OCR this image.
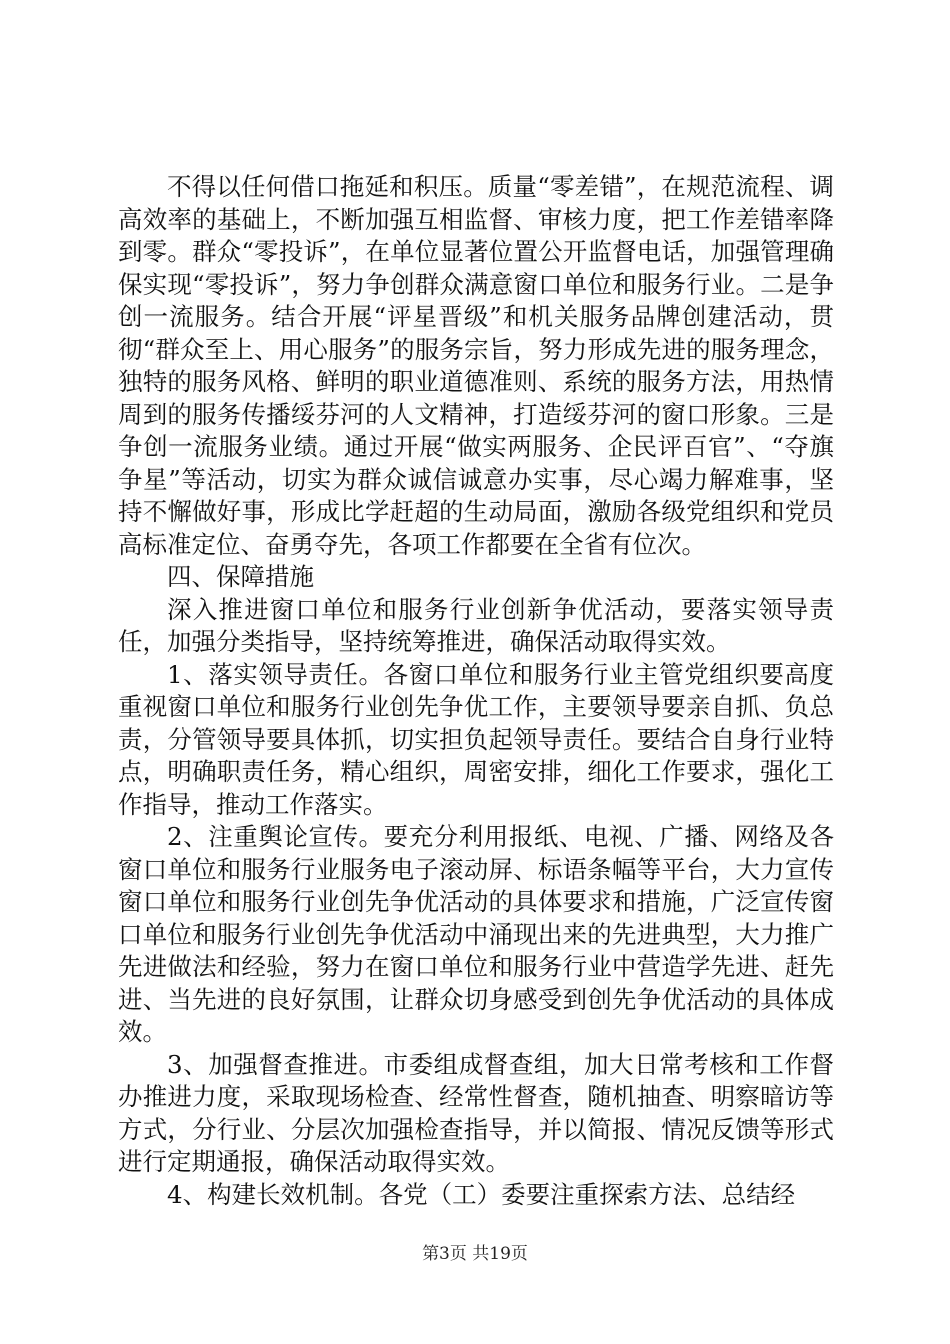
不得以任何借口拖延和积压。质量“零差错”，在规范流程、调高效率的基础上，不断加强互相监督、审核力度，把工作差错率降到零。群众“零投诉”，在单位显著位置公开监督电话，加强管理确保实现“零投诉”，努力争创群众满意窗口单位和服务行业。二是争创一流服务。结合开展“评星晋级”和机关服务品牌创建活动，贯彻“群众至上、用心服务”的服务宗旨，努力形成先进的服务理念，独特的服务风格、鲜明的职业道德准则、系统的服务方法，用热情周到的服务传播绥芬河的人文精神，打造绥芬河的窗口形象。三是争创一流服务业绩。通过开展“做实两服务、企民评百官”、“夺旗争星”等活动，切实为群众诚信诚意办实事，尽心竭力解难事，坚持不懈做好事，形成比学赶超的生动局面，激励各级党组织和党员高标准定位、奋勇夺先，各项工作都要在全省有位次。

四、保障措施

深入推进窗口单位和服务行业创新争优活动，要落实领导责任，加强分类指导，坚持统筹推进，确保活动取得实效。

1、落实领导责任。各窗口单位和服务行业主管党组织要高度重视窗口单位和服务行业创先争优工作，主要领导要亲自抓、负总责，分管领导要具体抓，切实担负起领导责任。要结合自身行业特点，明确职责任务，精心组织，周密安排，细化工作要求，强化工作指导，推动工作落实。

2、注重舆论宣传。要充分利用报纸、电视、广播、网络及各窗口单位和服务行业服务电子滚动屏、标语条幅等平台，大力宣传窗口单位和服务行业创先争优活动的具体要求和措施，广泛宣传窗口单位和服务行业创先争优活动中涌现出来的先进典型，大力推广先进做法和经验，努力在窗口单位和服务行业中营造学先进、赶先进、当先进的良好氛围，让群众切身感受到创先争优活动的具体成效。

3、加强督查推进。市委组成督查组，加大日常考核和工作督办推进力度，采取现场检查、经常性督查，随机抽查、明察暗访等方式，分行业、分层次加强检查指导，并以简报、情况反馈等形式进行定期通报，确保活动取得实效。

4、构建长效机制。各党（工）委要注重探索方法、总结经

第3页 共19页
